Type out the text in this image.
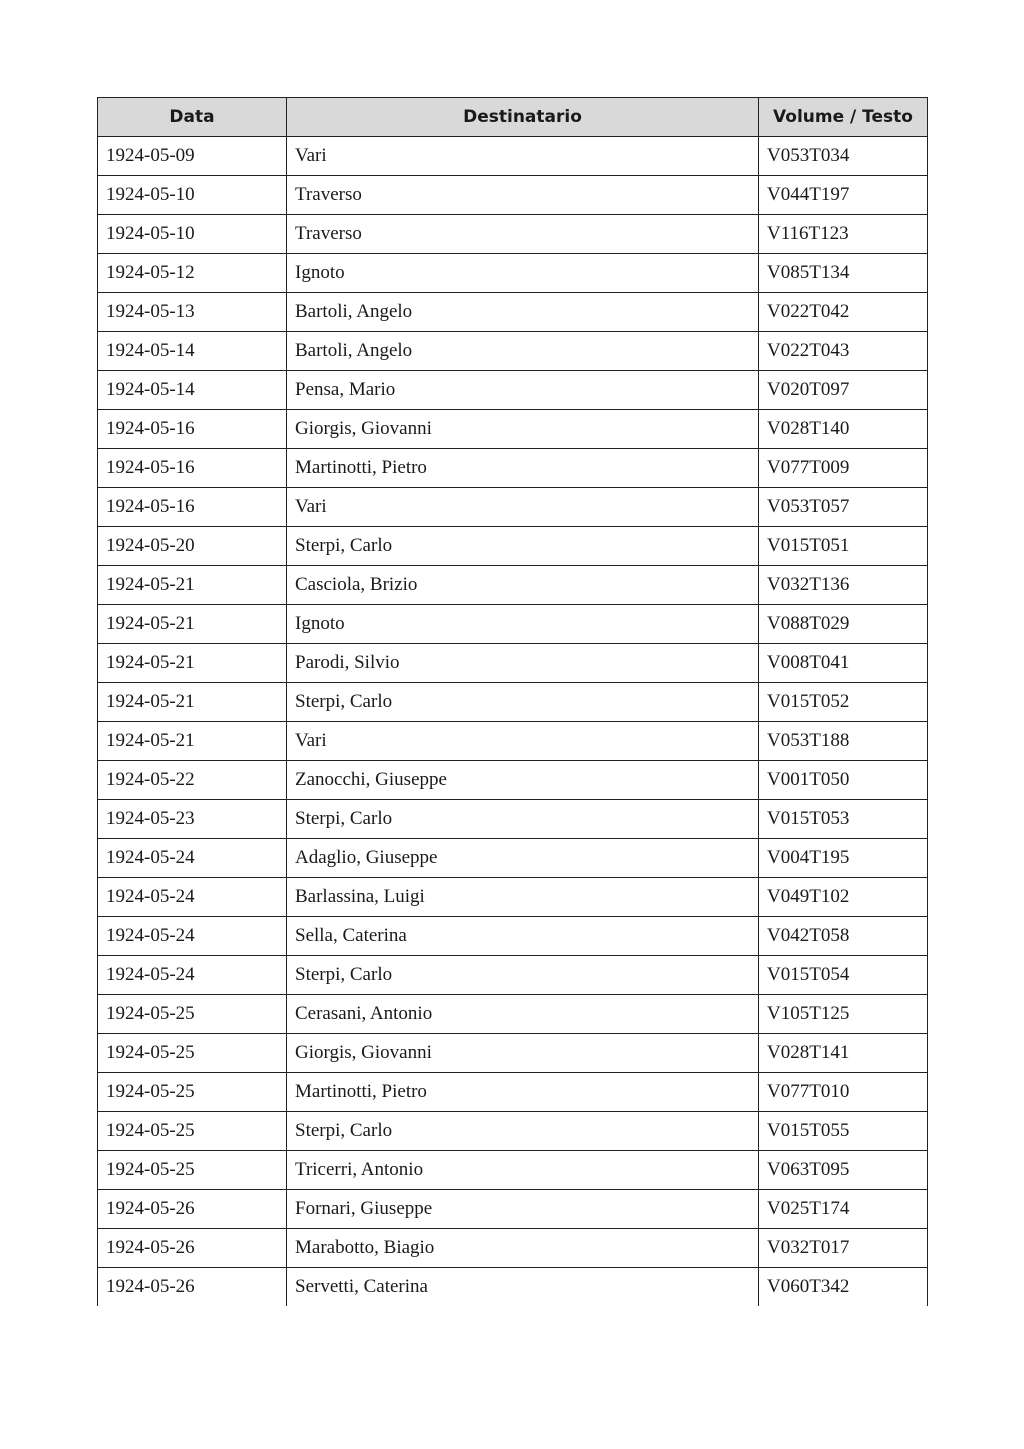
Data	Destinatario	Volume / Testo
1924-05-09	Vari	V053T034
1924-05-10	Traverso	V044T197
1924-05-10	Traverso	V116T123
1924-05-12	Ignoto	V085T134
1924-05-13	Bartoli, Angelo	V022T042
1924-05-14	Bartoli, Angelo	V022T043
1924-05-14	Pensa, Mario	V020T097
1924-05-16	Giorgis, Giovanni	V028T140
1924-05-16	Martinotti, Pietro	V077T009
1924-05-16	Vari	V053T057
1924-05-20	Sterpi, Carlo	V015T051
1924-05-21	Casciola, Brizio	V032T136
1924-05-21	Ignoto	V088T029
1924-05-21	Parodi, Silvio	V008T041
1924-05-21	Sterpi, Carlo	V015T052
1924-05-21	Vari	V053T188
1924-05-22	Zanocchi, Giuseppe	V001T050
1924-05-23	Sterpi, Carlo	V015T053
1924-05-24	Adaglio, Giuseppe	V004T195
1924-05-24	Barlassina, Luigi	V049T102
1924-05-24	Sella, Caterina	V042T058
1924-05-24	Sterpi, Carlo	V015T054
1924-05-25	Cerasani, Antonio	V105T125
1924-05-25	Giorgis, Giovanni	V028T141
1924-05-25	Martinotti, Pietro	V077T010
1924-05-25	Sterpi, Carlo	V015T055
1924-05-25	Tricerri, Antonio	V063T095
1924-05-26	Fornari, Giuseppe	V025T174
1924-05-26	Marabotto, Biagio	V032T017
1924-05-26	Servetti, Caterina	V060T342
